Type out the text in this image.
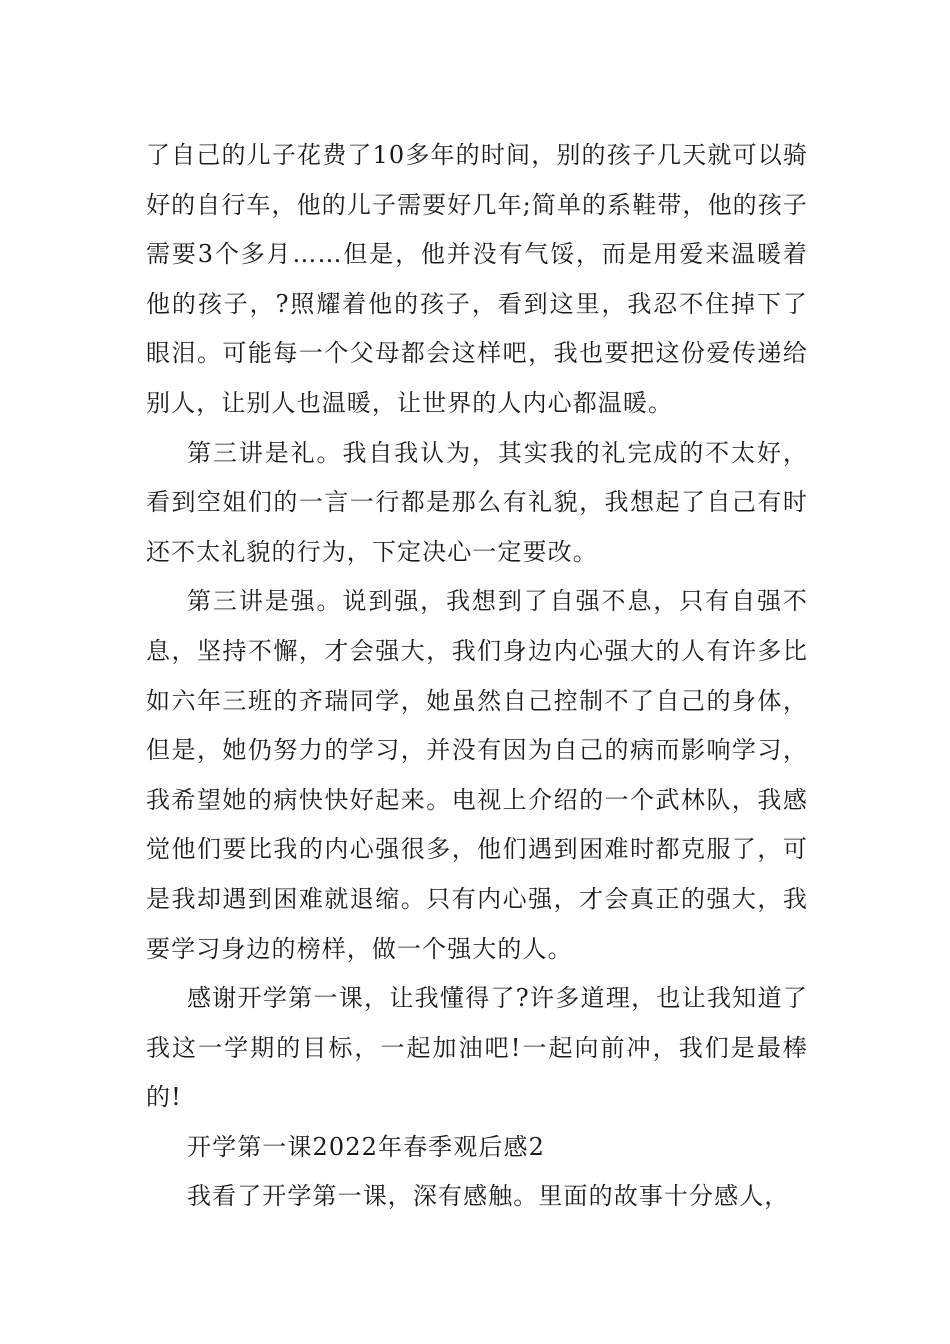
了自己的儿子花费了10多年的时间，别的孩子几天就可以骑好的自行车，他的儿子需要好几年;简单的系鞋带，他的孩子需要3个多月……但是，他并没有气馁，而是用爱来温暖着他的孩子，?照耀着他的孩子，看到这里，我忍不住掉下了眼泪。可能每一个父母都会这样吧，我也要把这份爱传递给别人，让别人也温暖，让世界的人内心都温暖。

第三讲是礼。我自我认为，其实我的礼完成的不太好，看到空姐们的一言一行都是那么有礼貌，我想起了自己有时还不太礼貌的行为，下定决心一定要改。

第三讲是强。说到强，我想到了自强不息，只有自强不息，坚持不懈，才会强大，我们身边内心强大的人有许多比如六年三班的齐瑞同学，她虽然自己控制不了自己的身体，但是，她仍努力的学习，并没有因为自己的病而影响学习，我希望她的病快快好起来。电视上介绍的一个武林队，我感觉他们要比我的内心强很多，他们遇到困难时都克服了，可是我却遇到困难就退缩。只有内心强，才会真正的强大，我要学习身边的榜样，做一个强大的人。

感谢开学第一课，让我懂得了?许多道理，也让我知道了我这一学期的目标，一起加油吧!一起向前冲，我们是最棒的!

开学第一课2022年春季观后感2

我看了开学第一课，深有感触。里面的故事十分感人，
